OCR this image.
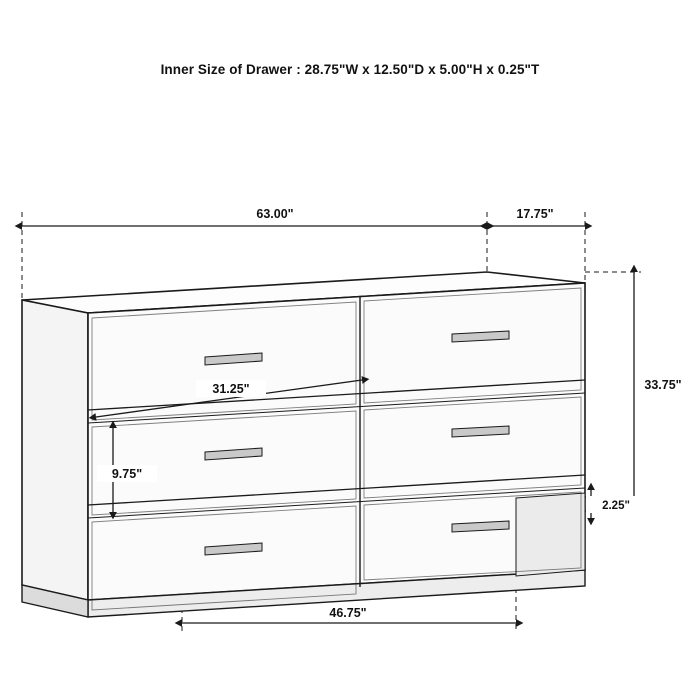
Inner Size of Drawer : 28.75"W x 12.50"D x 5.00"H x 0.25"T
63.00"	17.75"
33.75"
31.25"
9.75"
2.25"
46.75"
